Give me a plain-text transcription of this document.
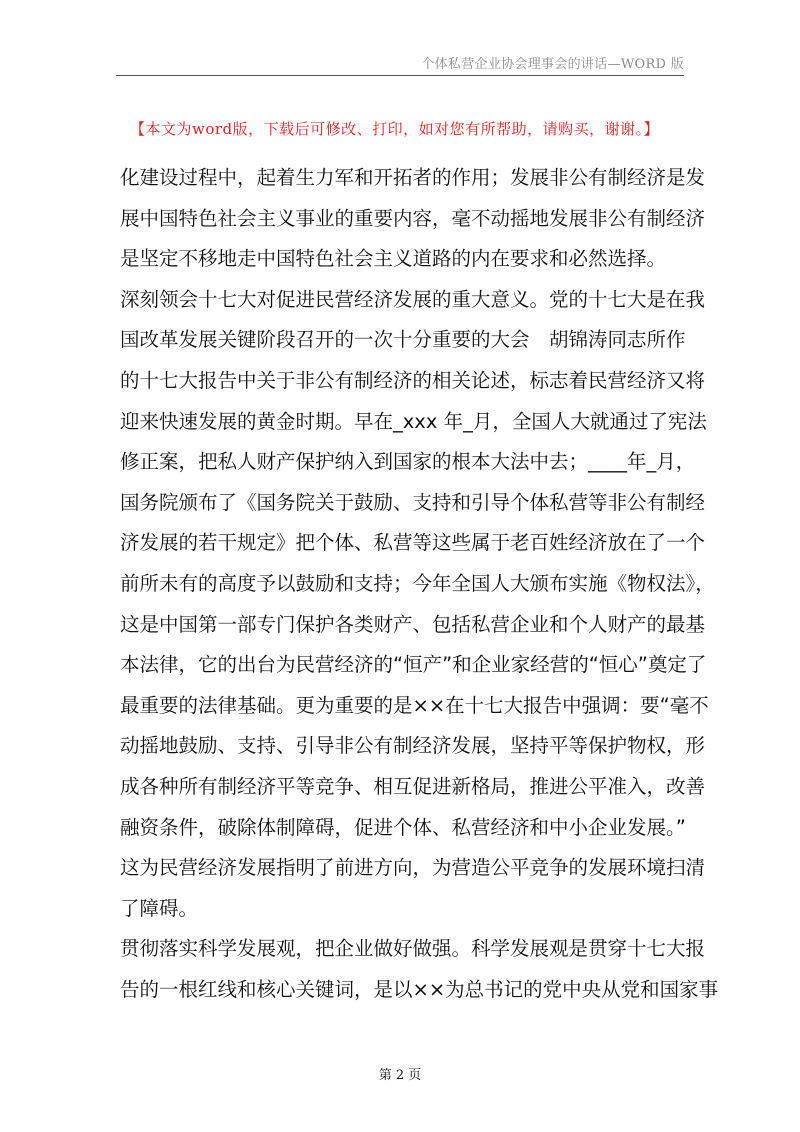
个体私营企业协会理事会的讲话—WORD 版
【本文为word版，下载后可修改、打印，如对您有所帮助，请购买，谢谢。】

化建设过程中，起着生力军和开拓者的作用；发展非公有制经济是发
展中国特色社会主义事业的重要内容，毫不动摇地发展非公有制经济
是坚定不移地走中国特色社会主义道路的内在要求和必然选择。

深刻领会十七大对促进民营经济发展的重大意义。党的十七大是在我
国改革发展关键阶段召开的一次十分重要的大会　胡锦涛同志所作
的十七大报告中关于非公有制经济的相关论述，标志着民营经济又将
迎来快速发展的黄金时期。早在_xxx 年_月，全国人大就通过了宪法
修正案，把私人财产保护纳入到国家的根本大法中去；____年_月，
国务院颁布了《国务院关于鼓励、支持和引导个体私营等非公有制经
济发展的若干规定》把个体、私营等这些属于老百姓经济放在了一个
前所未有的高度予以鼓励和支持；今年全国人大颁布实施《物权法》，
这是中国第一部专门保护各类财产、包括私营企业和个人财产的最基
本法律，它的出台为民营经济的“恒产”和企业家经营的“恒心”奠定了
最重要的法律基础。更为重要的是××在十七大报告中强调：要“毫不
动摇地鼓励、支持、引导非公有制经济发展，坚持平等保护物权，形
成各种所有制经济平等竞争、相互促进新格局，推进公平准入，改善
融资条件，破除体制障碍，促进个体、私营经济和中小企业发展。”
这为民营经济发展指明了前进方向，为营造公平竞争的发展环境扫清
了障碍。

贯彻落实科学发展观，把企业做好做强。科学发展观是贯穿十七大报
告的一根红线和核心关键词，是以××为总书记的党中央从党和国家事

第 2 页
